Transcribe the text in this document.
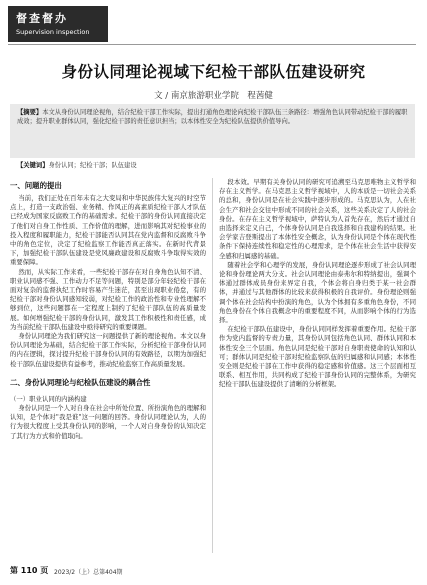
督查督办
Supervision inspection
身份认同理论视域下纪检干部队伍建设研究
文 / 南京旅游职业学院　程茜健
【摘要】本文从身份认同理论视角，结合纪检干部工作实际，提出打通角色理论向纪检干部队伍三条路径：增强角色认同带动纪检干部的履职成效；提升职业群体认同，强化纪检干部的责任意识担当；以本体性安全为纪检队伍提供价值导向。
【关键词】身份认同；纪检干部；队伍建设
一、问题的提出

当前，我们正处在百年未有之大变局和中华民族伟大复兴的时空节点上，打造一支政治强、业务精、作风正的高素质纪检干部人才队伍已经成为国家反腐败工作的基础需求。纪检干部的身份认同直接决定了他们对自身工作性质、工作价值的理解，进而影响其对纪检事业的投入程度和履职能力，纪检干部能否认同其在党内监督和反腐败斗争中的角色定位，决定了纪检监察工作能否真正落实。在新时代背景下，加强纪检干部队伍建设是党风廉政建设和反腐败斗争取得实效的重要保障。

然而，从实际工作来看，一些纪检干部存在对自身角色认知不清、职业认同感不强、工作动力不足等问题，特别是部分年轻纪检干部在面对复杂的监督执纪工作时容易产生迷茫，甚至出现职业倦怠，有的纪检干部对身份认同感知较弱，对纪检工作的政治性和专业性理解不够到位，这些问题都在一定程度上制约了纪检干部队伍的高质量发展。如何增强纪检干部的身份认同，激发其工作积极性和责任感，成为当前纪检干部队伍建设中亟待研究的重要课题。

身份认同理论为我们研究这一问题提供了新的理论视角。本文以身份认同理论为基础，结合纪检干部工作实际，分析纪检干部身份认同的内在逻辑，探讨提升纪检干部身份认同的有效路径，以期为加强纪检干部队伍建设提供有益参考，推动纪检监察工作高质量发展。

二、身份认同理论与纪检队伍建设的耦合性

（一）职业认同的内涵构建

身份认同是一个人对自身在社会中所处位置、所扮演角色的理解和认知，是个体对"我是谁"这一问题的回答。身份认同理论认为，人的行为很大程度上受其身份认同的影响，一个人对自身身份的认知决定了其行为方式和价值取向。

段本效。早期有关身份认同的研究可追溯至马克思唯物主义哲学和存在主义哲学。在马克思主义哲学视域中，人的本质是一切社会关系的总和，身份认同是在社会实践中逐步形成的。马克思认为，人在社会生产和社会交往中形成不同的社会关系，这些关系决定了人的社会身份。在存在主义哲学视域中，萨特认为人首先存在，然后才通过自由选择来定义自己，个体身份认同是自我选择和自我建构的结果。社会学家吉登斯提出了本体性安全概念，认为身份认同是个体在现代性条件下保持连续性和稳定性的心理需求，是个体在社会生活中获得安全感和归属感的基础。

随着社会学和心理学的发展，身份认同理论逐步形成了社会认同理论和身份理论两大分支。社会认同理论由泰弗尔和特纳提出，强调个体通过群体成员身份来界定自我，个体会将自身归类于某一社会群体，并通过与其他群体的比较来获得积极的自我评价。身份理论则强调个体在社会结构中扮演的角色，认为个体拥有多重角色身份，不同角色身份在个体自我概念中的重要程度不同，从而影响个体的行为选择。

在纪检干部队伍建设中，身份认同同样发挥着重要作用。纪检干部作为党内监督的专责力量，其身份认同包括角色认同、群体认同和本体性安全三个层面。角色认同是纪检干部对自身职责使命的认知和认可；群体认同是纪检干部对纪检监察队伍的归属感和认同感；本体性安全则是纪检干部在工作中获得的稳定感和价值感。这三个层面相互联系、相互作用，共同构成了纪检干部身份认同的完整体系，为研究纪检干部队伍建设提供了清晰的分析框架。

第 110 页 2023/2（上）总第404期
